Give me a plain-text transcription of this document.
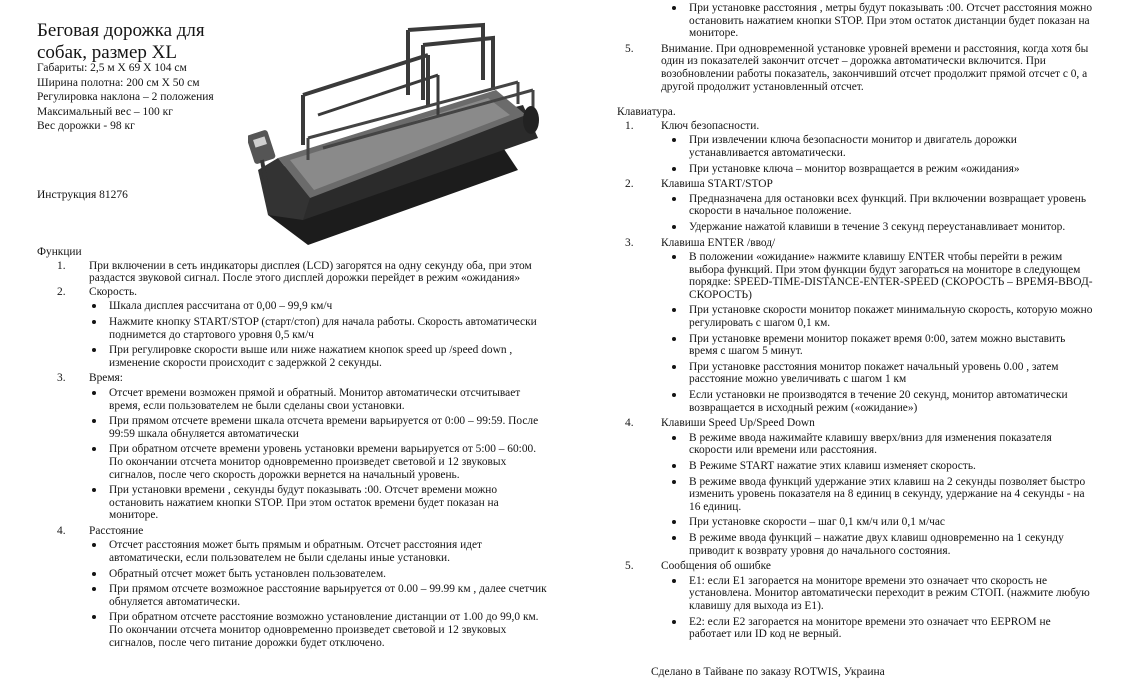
Беговая дорожка для собак, размер XL
Габариты: 2,5 м X 69 X 104 см
Ширина полотна: 200 см X 50 см
Регулировка наклона – 2 положения
Максимальный вес – 100 кг
Вес дорожки - 98 кг
Инструкция 81276
Функции
1. При включении в сеть индикаторы дисплея (LCD) загорятся на одну секунду оба, при этом раздастся звуковой сигнал. После этого дисплей дорожки перейдет в режим «ожидания»
2. Скорость.
Шкала дисплея рассчитана от 0,00 – 99,9 км/ч
Нажмите кнопку START/STOP (старт/стоп) для начала работы. Скорость автоматически поднимется до стартового уровня 0,5 км/ч
При регулировке скорости выше или ниже нажатием кнопок speed up /speed down , изменение скорости происходит с задержкой 2 секунды.
3. Время:
Отсчет времени возможен прямой и обратный. Монитор автоматически отсчитывает время, если пользователем не были сделаны свои установки.
При прямом отсчете времени шкала отсчета времени варьируется от 0:00 – 99:59. После 99:59 шкала обнуляется автоматически
При обратном отсчете времени уровень установки времени варьируется от 5:00 – 60:00. По окончании отсчета монитор одновременно произведет световой и 12 звуковых сигналов, после чего скорость дорожки вернется на начальный уровень.
При установки времени , секунды будут показывать :00. Отсчет времени можно остановить нажатием кнопки STOP. При этом остаток времени будет показан на мониторе.
4. Расстояние
Отсчет расстояния может быть прямым и обратным. Отсчет расстояния идет автоматически, если пользователем не были сделаны иные установки.
Обратный отсчет может быть установлен пользователем.
При прямом отсчете возможное расстояние варьируется от 0.00 – 99.99 км , далее счетчик обнуляется автоматически.
При обратном отсчете расстояние возможно установление дистанции от 1.00 до 99,0 км. По окончании отсчета монитор одновременно произведет световой и 12 звуковых сигналов, после чего питание дорожки будет отключено.
При установке расстояния , метры будут показывать :00. Отсчет расстояния можно остановить нажатием кнопки STOP. При этом остаток дистанции будет показан на мониторе.
5. Внимание. При одновременной установке уровней времени и расстояния, когда хотя бы один из показателей закончит отсчет – дорожка автоматически включится. При возобновлении работы показатель, закончивший отсчет продолжит прямой отсчет с 0, а другой продолжит установленный отсчет.
Клавиатура.
1. Ключ безопасности.
При извлечении ключа безопасности монитор и двигатель дорожки устанавливается автоматически.
При установке ключа – монитор возвращается в режим «ожидания»
2. Клавиша START/STOP
Предназначена для остановки всех функций. При включении возвращает уровень скорости в начальное положение.
Удержание нажатой клавиши в течение 3 секунд переустанавливает монитор.
3. Клавиша ENTER /ввод/
В положении «ожидание» нажмите клавишу ENTER чтобы перейти в режим выбора функций. При этом функции будут загораться на мониторе в следующем порядке: SPEED-TIME-DISTANCE-ENTER-SPEED (СКОРОСТЬ – ВРЕМЯ-ВВОД-СКОРОСТЬ)
При установке скорости монитор покажет минимальную скорость, которую можно регулировать с шагом 0,1 км.
При установке времени монитор покажет время 0:00, затем можно выставить время с шагом 5 минут.
При установке расстояния монитор покажет начальный уровень 0.00 , затем расстояние можно увеличивать с шагом 1 км
Если установки не производятся в течение 20 секунд, монитор автоматически возвращается в исходный режим («ожидание»)
4. Клавиши Speed Up/Speed Down
В режиме ввода нажимайте клавишу вверх/вниз для изменения показателя скорости или времени или расстояния.
В Режиме START нажатие этих клавиш изменяет скорость.
В режиме ввода функций удержание этих клавиш на 2 секунды позволяет быстро изменить уровень показателя на 8 единиц в секунду, удержание на 4 секунды - на 16 единиц.
При установке скорости – шаг 0,1 км/ч или 0,1 м/час
В режиме ввода функций – нажатие двух клавиш одновременно на 1 секунду приводит к возврату уровня до начального состояния.
5. Сообщения об ошибке
E1: если E1 загорается на мониторе времени это означает что скорость не установлена. Монитор автоматически переходит в режим СТОП. (нажмите любую клавишу для выхода из E1).
E2: если E2 загорается на мониторе времени это означает что EEPROM не работает или ID код не верный.
Сделано в Тайване по заказу ROTWIS, Украина
